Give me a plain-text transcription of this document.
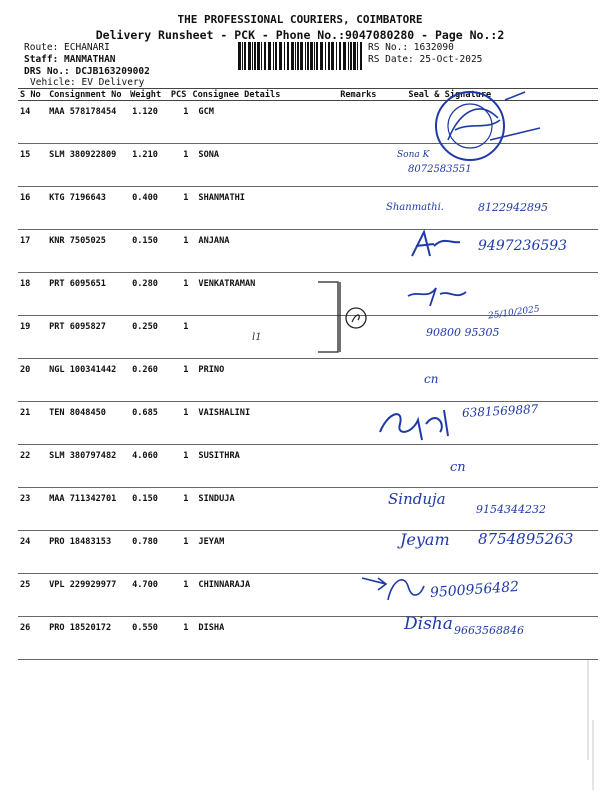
THE PROFESSIONAL COURIERS, COIMBATORE
Delivery Runsheet - PCK - Phone No.:9047080280 - Page No.:2
Route: ECHANARI
Staff: MANMATHAN
DRS No.: DCJB163209002
Vehicle: EV Delivery
RS No.: 1632090
RS Date: 25-Oct-2025
S No	Consignment No	Weight	PCS	Consignee Details	Remarks	Seal & Signature
14	MAA 578178454	1.120	1	GCM		
15	SLM 380922809	1.210	1	SONA		
16	KTG 7196643	0.400	1	SHANMATHI		
17	KNR 7505025	0.150	1	ANJANA		
18	PRT 6095651	0.280	1	VENKATRAMAN		
19	PRT 6095827	0.250	1			
20	NGL 100341442	0.260	1	PRINO		
21	TEN 8048450	0.685	1	VAISHALINI		
22	SLM 380797482	4.060	1	SUSITHRA		
23	MAA 711342701	0.150	1	SINDUJA		
24	PRO 18483153	0.780	1	JEYAM		
25	VPL 229929977	4.700	1	CHINNARAJA		
26	PRO 18520172	0.550	1	DISHA		
Sona K
8072583551
Shanmathi.	8122942895
9497236593
25/10/2025
90800 95305
l1
cn
6381569887
cn
Sinduja
9154344232
Jeyam 8754895263
9500956482
Disha 9663568846
